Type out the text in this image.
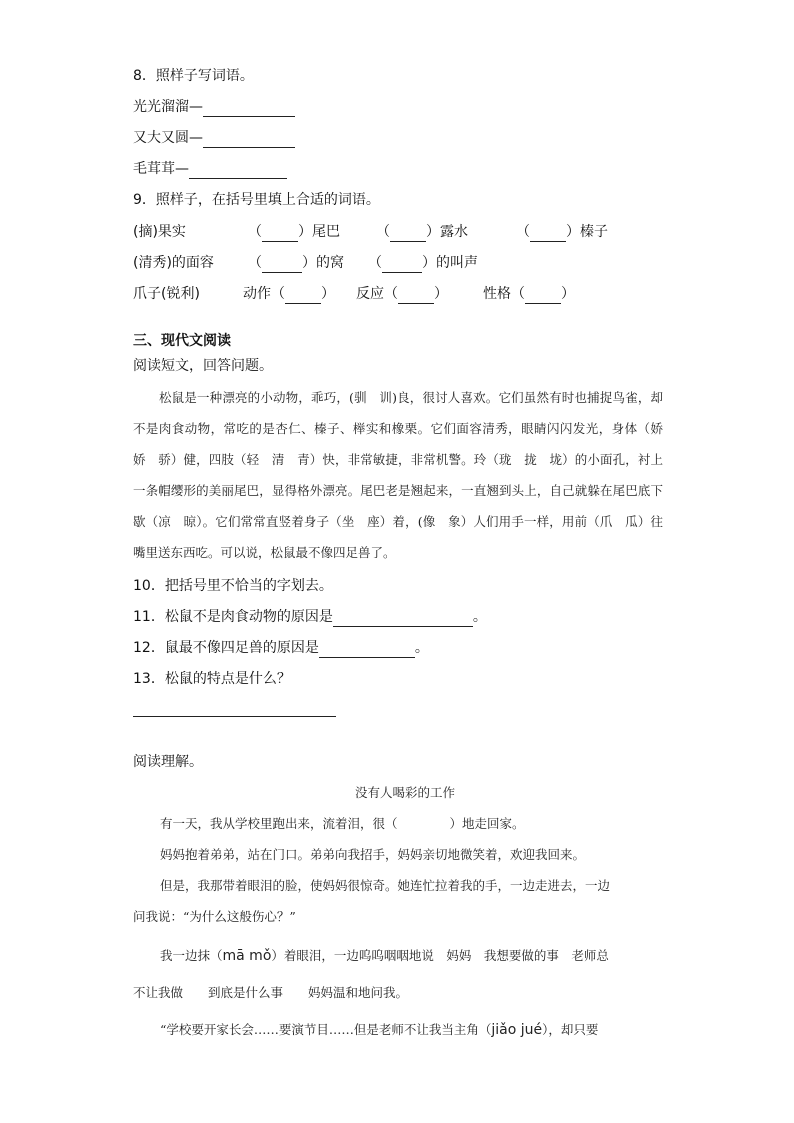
8．照样子写词语。
光光溜溜—
又大又圆—
毛茸茸—
9．照样子，在括号里填上合适的词语。
(摘)果实	（	）尾巴	（	）露水	（	）榛子
(清秀)的面容 （	）的窝 （	）的叫声
爪子(锐利)	动作（	） 反应（	）	性格（	）
三、现代文阅读
阅读短文，回答问题。

松鼠是一种漂亮的小动物，乖巧，(驯　训)良，很讨人喜欢。它们虽然有时也捕捉鸟雀，却不是肉食动物，常吃的是杏仁、榛子、榉实和橡栗。它们面容清秀，眼睛闪闪发光，身体（娇　娇　骄）健，四肢（轻　清　青）快，非常敏捷，非常机警。玲（珑　拢　垅）的小面孔，衬上一条帽缨形的美丽尾巴，显得格外漂亮。尾巴老是翘起来，一直翘到头上，自己就躲在尾巴底下歇（凉　晾）。它们常常直竖着身子（坐　座）着，(像　象）人们用手一样，用前（爪　瓜）往嘴里送东西吃。可以说，松鼠最不像四足兽了。

10．把括号里不恰当的字划去。
11．松鼠不是肉食动物的原因是	。
12．鼠最不像四足兽的原因是	。
13．松鼠的特点是什么？
阅读理解。
没有人喝彩的工作
有一天，我从学校里跑出来，流着泪，很（	）地走回家。
妈妈抱着弟弟，站在门口。弟弟向我招手，妈妈亲切地微笑着，欢迎我回来。
但是，我那带着眼泪的脸，使妈妈很惊奇。她连忙拉着我的手，一边走进去，一边
问我说：“为什么这般伤心？”
我一边抹（mā mǒ）着眼泪，一边呜呜咽咽地说　妈妈　我想要做的事　老师总
不让我做　　到底是什么事　　妈妈温和地问我。
“学校要开家长会……要演节目……但是老师不让我当主角（jiǎo jué），却只要
